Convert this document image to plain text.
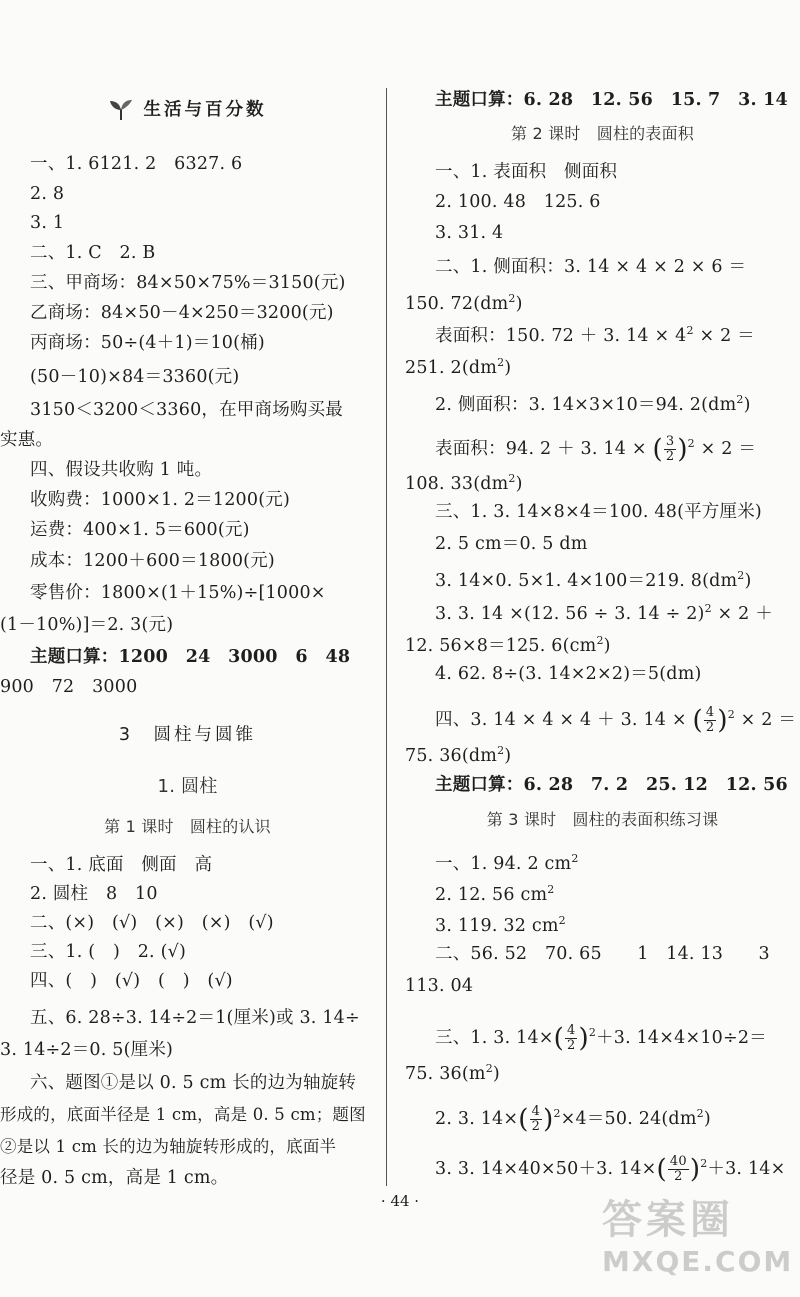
生活与百分数
一、1. 6121. 2　6327. 6
2. 8
3. 1
二、1. C　2. B
三、甲商场：84×50×75%＝3150(元)
乙商场：84×50－4×250＝3200(元)
丙商场：50÷(4＋1)＝10(桶)
(50－10)×84＝3360(元)
3150＜3200＜3360，在甲商场购买最
实惠。
四、假设共收购 1 吨。
收购费：1000×1. 2＝1200(元)
运费：400×1. 5＝600(元)
成本：1200＋600＝1800(元)
零售价：1800×(1＋15%)÷[1000×
(1－10%)]＝2. 3(元)
主题口算：1200　24　3000　6　48
900　72　3000
3　圆柱与圆锥
1. 圆柱
第 1 课时　圆柱的认识
一、1. 底面　侧面　高
2. 圆柱　8　10
二、(×)　(√)　(×)　(×)　(√)
三、1. (　)　2. (√)
四、(　)　(√)　(　)　(√)
五、6. 28÷3. 14÷2＝1(厘米)或 3. 14÷
3. 14÷2＝0. 5(厘米)
六、题图①是以 0. 5 cm 长的边为轴旋转
形成的，底面半径是 1 cm，高是 0. 5 cm；题图
②是以 1 cm 长的边为轴旋转形成的，底面半
径是 0. 5 cm，高是 1 cm。
主题口算：6. 28　12. 56　15. 7　3. 14
第 2 课时　圆柱的表面积
一、1. 表面积　侧面积
2. 100. 48　125. 6
3. 31. 4
二、1. 侧面积：3. 14 × 4 × 2 × 6 ＝
150. $72(dm^2)$
表面积：150. 72 ＋ 3. $14 \times 4^2 \times 2$ ＝
251. $2(dm^2)$
2. 侧面积：3. 14×3×10＝94. $2(dm^2)$
表面积：94. 2 ＋ 3. 14 × ( $\frac{3}{2} )^2 \times 2$ ＝
108. $33(dm^2)$
三、1. 3. 14×8×4＝100. 48(平方厘米)
2. 5 cm＝0. 5 dm
3. 14×0. 5×1. 4×100＝219. $8(dm^2)$
3. 3. 14 ×(12. 56 ÷ 3. 14 ÷ 2)$^2$ × 2 ＋
12. 56×8＝125. $6(cm^2)$
4. 62. 8÷(3. 14×2×2)＝5(dm)
四、3. 14 × 4 × 4 ＋ 3. 14 × ( $\frac{4}{2} )^2 \times 2$ ＝
75. $36(dm^2)$
主题口算：6. 28　7. 2　25. 12　12. 56
第 3 课时　圆柱的表面积练习课
一、1. 94. 2 $cm^2$
2. 12. 56 $cm^2$
3. 119. 32 $cm^2$
二、56. 52　70. 65　　1　14. 13　　3
113. 04
三、1. 3. $14\times( \frac{4}{2} )^2+3$. 14×4×10÷2＝
75. $36(m^2)$
2. 3. $14\times( \frac{4}{2} )^2\times 4=50$. $24(dm^2)$
3. 3. 14×40×50＋3. $14\times( \frac{40}{2} )^2+3$. 14×
· 44 ·	答案圈
MXQE.COM
